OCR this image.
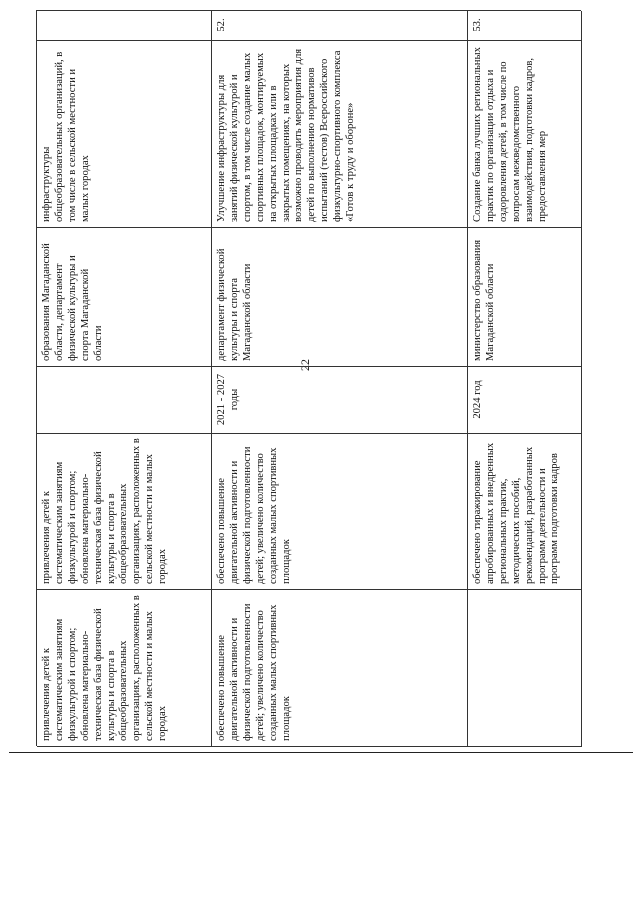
22
инфраструктуры общеобразовательных организаций, в том числе в сельской местности и малых городах
образования Магаданской области, департамент физической культуры и спорта Магаданской области
привлечения детей к систематическим занятиям физкультурой и спортом; обновлена материально-техническая база физической культуры и спорта в общеобразовательных организациях, расположенных в сельской местности и малых городах
привлечения детей к систематическим занятиям физкультурой и спортом; обновлена материально-техническая база физической культуры и спорта в общеобразовательных организациях, расположенных в сельской местности и малых городах
52.
Улучшение инфраструктуры для занятий физической культурой и спортом, в том числе создание малых спортивных площадок, монтируемых на открытых площадках или в закрытых помещениях, на которых возможно проводить мероприятия для детей по выполнению нормативов испытаний (тестов) Всероссийского физкультурно-спортивного комплекса «Готов к труду и обороне»
департамент физической культуры и спорта Магаданской области
2021 - 2027 годы
обеспечено повышение двигательной активности и физической подготовленности детей; увеличено количество созданных малых спортивных площадок
обеспечено повышение двигательной активности и физической подготовленности детей; увеличено количество созданных малых спортивных площадок
53.
Создание банка лучших региональных практик по организации отдыха и оздоровления детей, в том числе по вопросам межведомственного взаимодействия, подготовки кадров, предоставления мер
министерство образования Магаданской области
2024 год
обеспечено тиражирование апробированных и внедренных региональных практик, методических пособий, рекомендаций, разработанных программ деятельности и программ подготовки кадров
